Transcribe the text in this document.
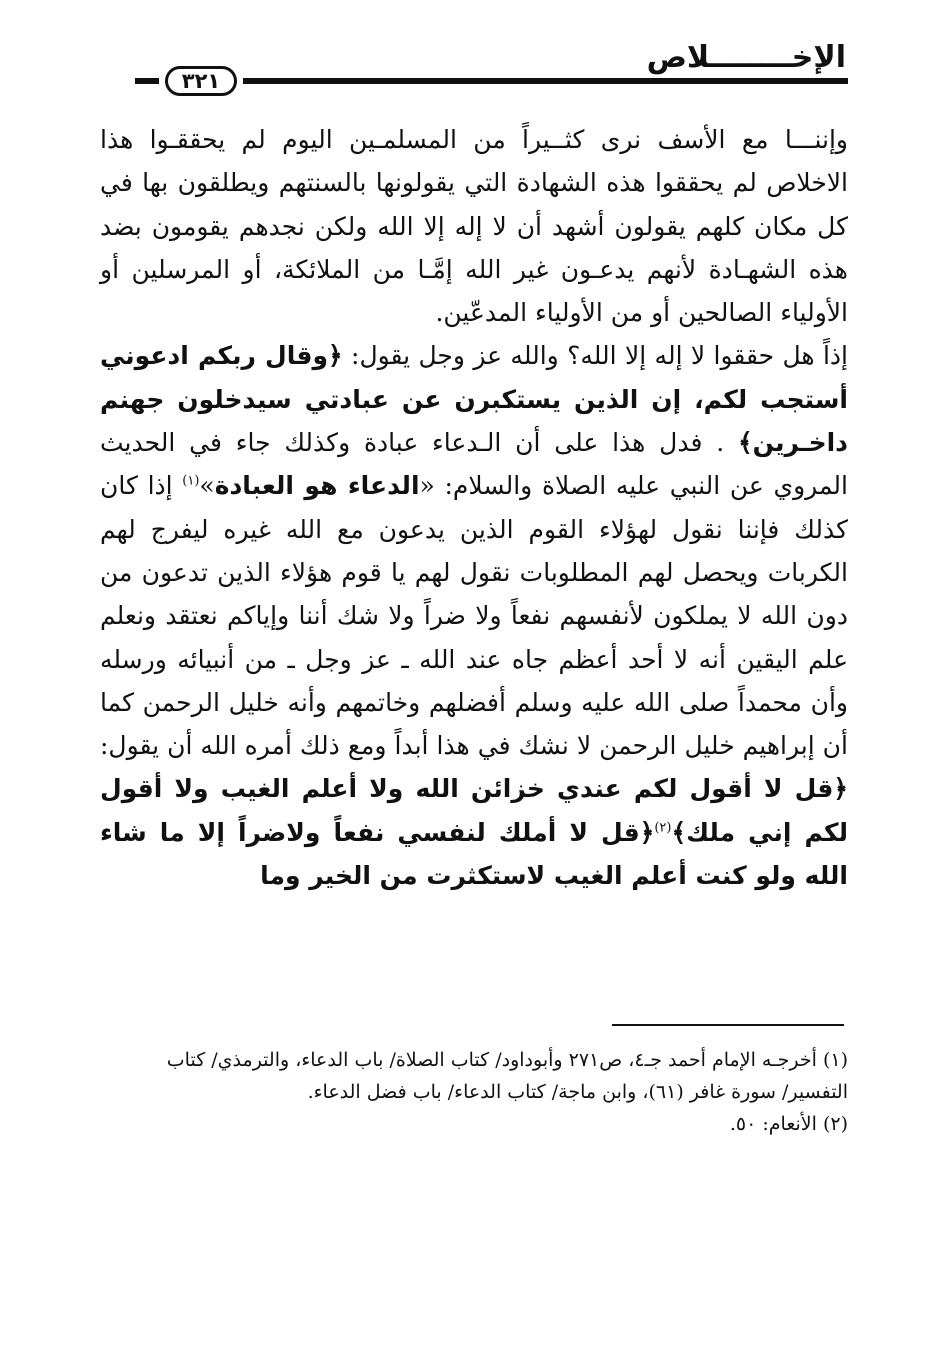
الإخــــــــلاص
٣٢١

وإننـــا مع الأسف نرى كثــيراً من المسلمـين اليوم لم يحققـوا هذا الاخلاص لم يحققوا هذه الشهادة التي يقولونها بالسنتهم ويطلقون بها في كل مكان كلهم يقولون أشهد أن لا إله إلا الله ولكن نجدهم يقومون بضد هذه الشهـادة لأنهم يدعـون غير الله إمَّـا من الملائكة، أو المرسلين أو الأولياء الصالحين أو من الأولياء المدعّين.

إذاً هل حققوا لا إله إلا الله؟ والله عز وجل يقول: ﴿وقال ربكم ادعوني أستجب لكم، إن الذين يستكبرن عن عبادتي سيدخلون جهنم داخـرين﴾ . فدل هذا على أن الـدعاء عبادة وكذلك جاء في الحديث المروي عن النبي عليه الصلاة والسلام: «الدعاء هو العبادة»$^{(١)}$ إذا كان كذلك فإننا نقول لهؤلاء القوم الذين يدعون مع الله غيره ليفرج لهم الكربات ويحصل لهم المطلوبات نقول لهم يا قوم هؤلاء الذين تدعون من دون الله لا يملكون لأنفسهم نفعاً ولا ضراً ولا شك أننا وإياكم نعتقد ونعلم علم اليقين أنه لا أحد أعظم جاه عند الله ـ عز وجل ـ من أنبيائه ورسله وأن محمداً صلى الله عليه وسلم أفضلهم وخاتمهم وأنه خليل الرحمن كما أن إبراهيم خليل الرحمن لا نشك في هذا أبداً ومع ذلك أمره الله أن يقول: ﴿قل لا أقول لكم عندي خزائن الله ولا أعلم الغيب ولا أقول لكم إني ملك﴾$^{(٢)}$﴿قل لا أملك لنفسي نفعاً ولاضراً إلا ما شاء الله ولو كنت أعلم الغيب لاستكثرت من الخير وما

(١) أخرجـه الإمام أحمد جـ٤، ص٢٧١ وأبوداود/ كتاب الصلاة/ باب الدعاء، والترمذي/ كتاب التفسير/ سورة غافر (٦١)، وابن ماجة/ كتاب الدعاء/ باب فضل الدعاء.

(٢) الأنعام: ٥٠.
